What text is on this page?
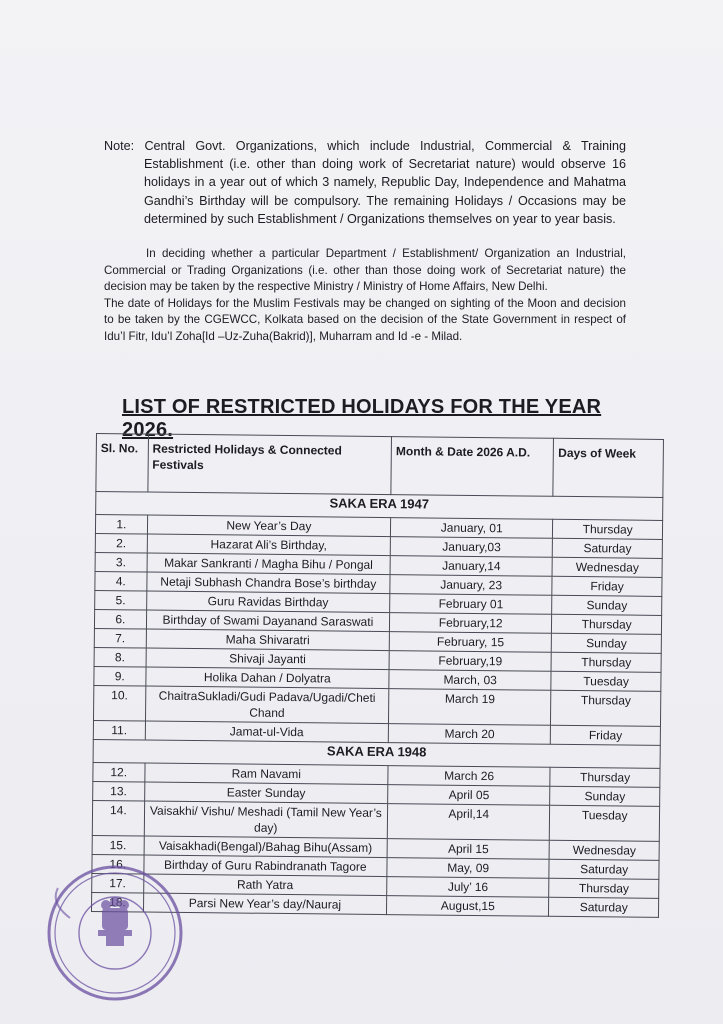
Note: Central Govt. Organizations, which include Industrial, Commercial & Training Establishment (i.e. other than doing work of Secretariat nature) would observe 16 holidays in a year out of which 3 namely, Republic Day, Independence and Mahatma Gandhi’s Birthday will be compulsory. The remaining Holidays / Occasions may be determined by such Establishment / Organizations themselves on year to year basis.

In deciding whether a particular Department / Establishment/ Organization an Industrial, Commercial or Trading Organizations (i.e. other than those doing work of Secretariat nature) the decision may be taken by the respective Ministry / Ministry of Home Affairs, New Delhi.

The date of Holidays for the Muslim Festivals may be changed on sighting of the Moon and decision to be taken by the CGEWCC, Kolkata based on the decision of the State Government in respect of Idu’l Fitr, Idu’l Zoha[Id –Uz-Zuha(Bakrid)], Muharram and Id -e - Milad.

LIST OF RESTRICTED HOLIDAYS FOR THE YEAR 2026.
Sl. No.	Restricted Holidays & Connected Festivals	Month & Date 2026 A.D.	Days of Week
SAKA ERA 1947			
1.	New Year’s Day	January, 01	Thursday
2.	Hazarat Ali’s Birthday,	January,03	Saturday
3.	Makar Sankranti / Magha Bihu / Pongal	January,14	Wednesday
4.	Netaji Subhash Chandra Bose’s birthday	January, 23	Friday
5.	Guru Ravidas Birthday	February 01	Sunday
6.	Birthday of Swami Dayanand Saraswati	February,12	Thursday
7.	Maha Shivaratri	February, 15	Sunday
8.	Shivaji Jayanti	February,19	Thursday
9.	Holika Dahan / Dolyatra	March, 03	Tuesday
10.	ChaitraSukladi/Gudi Padava/Ugadi/Cheti Chand	March 19	Thursday
11.	Jamat-ul-Vida	March 20	Friday
SAKA ERA 1948			
12.	Ram Navami	March 26	Thursday
13.	Easter Sunday	April 05	Sunday
14.	Vaisakhi/ Vishu/ Meshadi (Tamil New Year’s day)	April,14	Tuesday
15.	Vaisakhadi(Bengal)/Bahag Bihu(Assam)	April 15	Wednesday
16.	Birthday of Guru Rabindranath Tagore	May, 09	Saturday
17.	Rath Yatra	July’ 16	Thursday
	Parsi New Year’s day/Nauraj	August,15	Saturday
